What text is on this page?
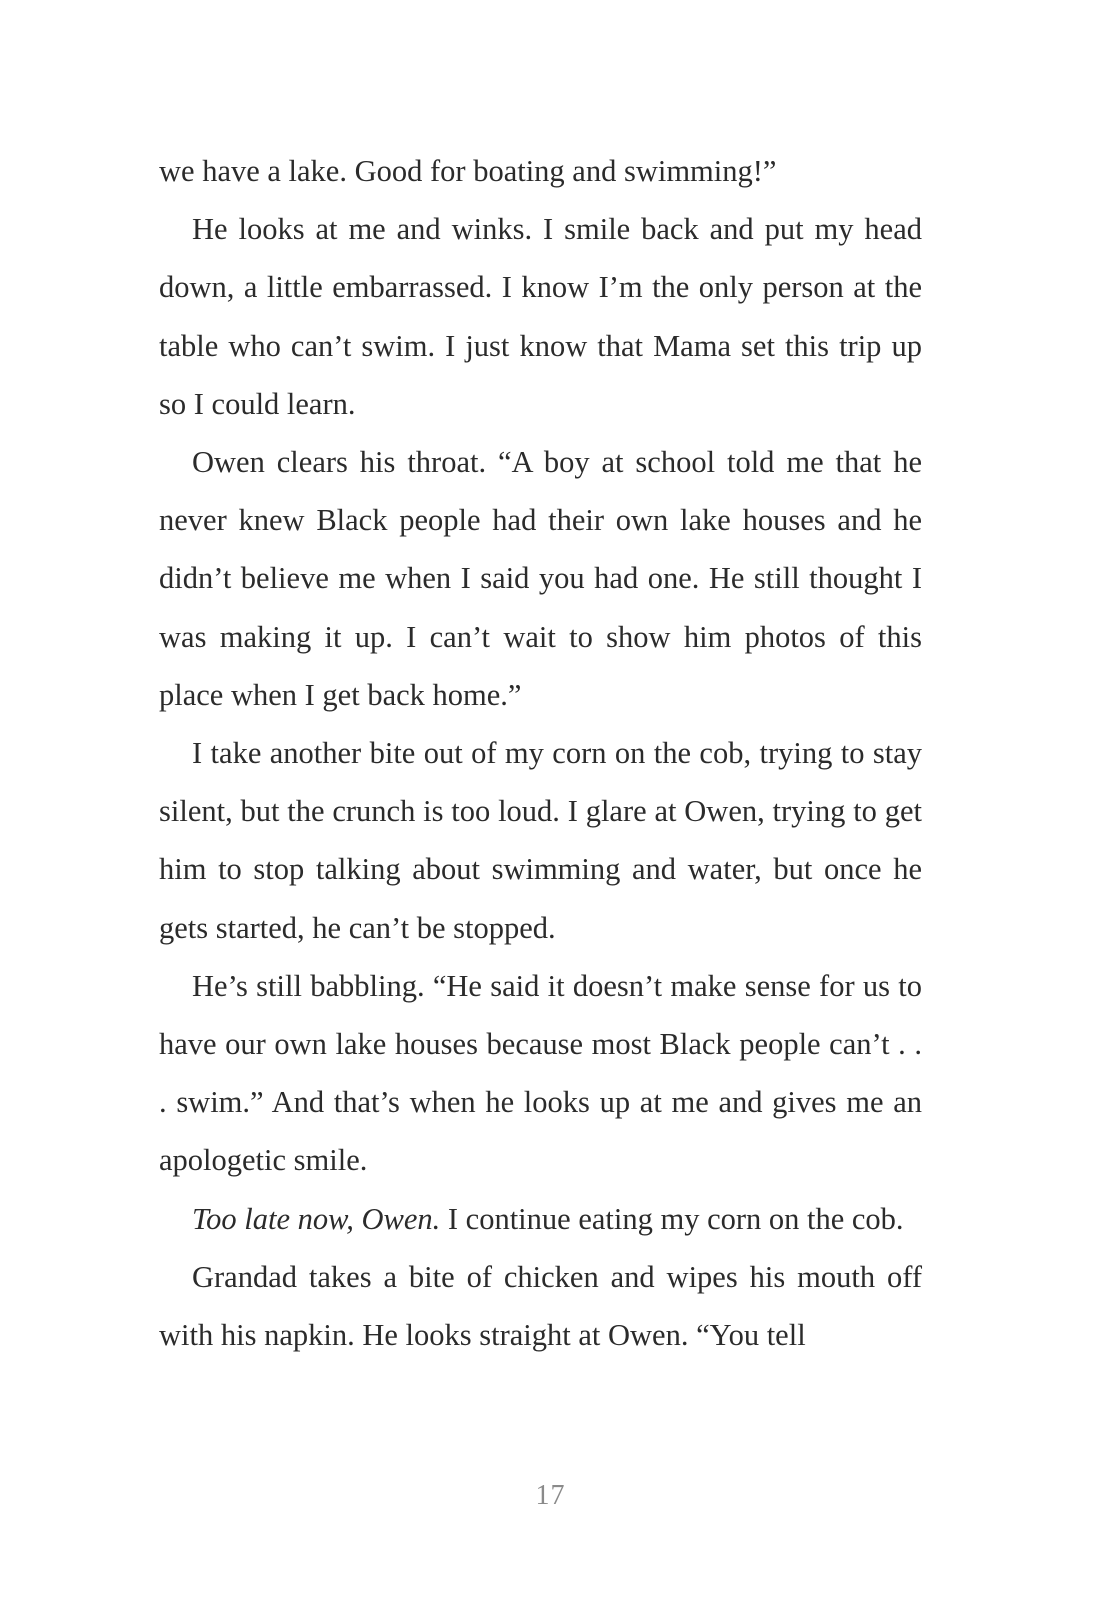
we have a lake. Good for boating and swimming!”

He looks at me and winks. I smile back and put my head down, a little embarrassed. I know I’m the only person at the table who can’t swim. I just know that Mama set this trip up so I could learn.

Owen clears his throat. “A boy at school told me that he never knew Black people had their own lake houses and he didn’t believe me when I said you had one. He still thought I was making it up. I can’t wait to show him photos of this place when I get back home.”

I take another bite out of my corn on the cob, trying to stay silent, but the crunch is too loud. I glare at Owen, trying to get him to stop talking about swimming and water, but once he gets started, he can’t be stopped.

He’s still babbling. “He said it doesn’t make sense for us to have our own lake houses because most Black people can’t . . . swim.” And that’s when he looks up at me and gives me an apologetic smile.

Too late now, Owen. I continue eating my corn on the cob.

Grandad takes a bite of chicken and wipes his mouth off with his napkin. He looks straight at Owen. “You tell

17
